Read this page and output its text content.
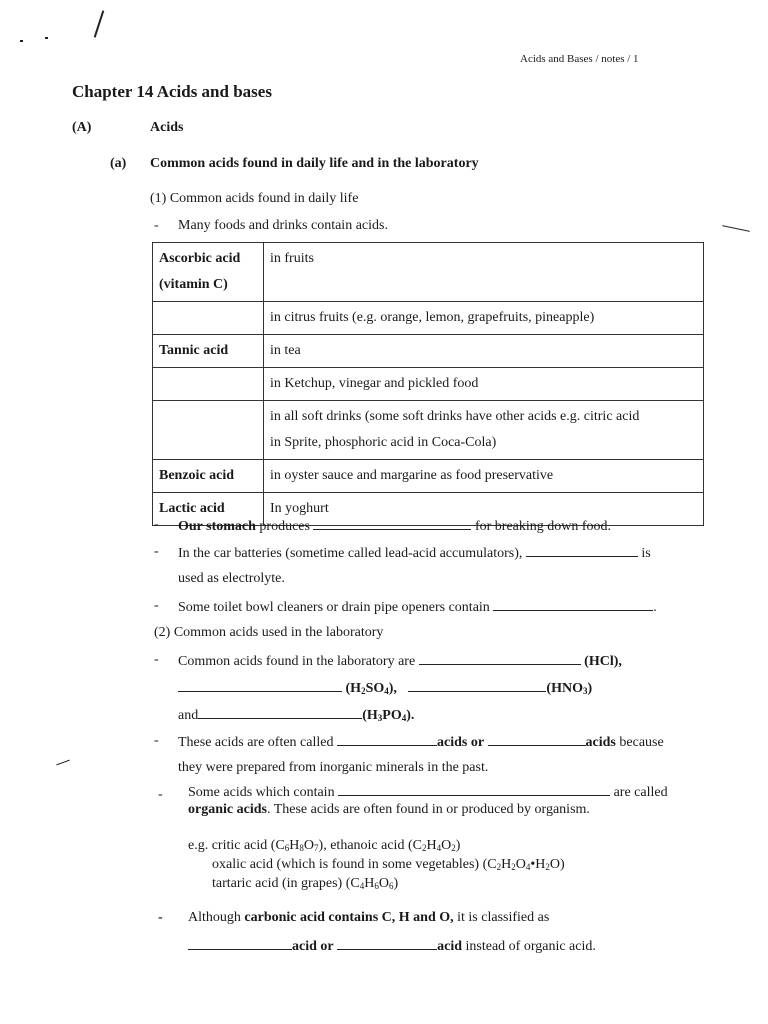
Acids and Bases / notes / 1
Chapter 14 Acids and bases
(A)	Acids
(a) Common acids found in daily life and in the laboratory
(1) Common acids found in daily life
- Many foods and drinks contain acids.
Ascorbic acid
(vitamin C)	in fruits
	in citrus fruits (e.g. orange, lemon, grapefruits, pineapple)
Tannic acid	in tea
	in Ketchup, vinegar and pickled food
	in all soft drinks (some soft drinks have other acids e.g. citric acid
in Sprite, phosphoric acid in Coca-Cola)
Benzoic acid	in oyster sauce and margarine as food preservative
Lactic acid	In yoghurt
- Our stomach produces	for breaking down food.
- In the car batteries (sometime called lead-acid accumulators),	is
used as electrolyte.
- Some toilet bowl cleaners or drain pipe openers contain	.
(2) Common acids used in the laboratory
- Common acids found in the laboratory are	(HCl),
$(H_2SO_4)$,	$(HNO_3)$
and	$(H_3PO_4)$.
- These acids are often called	acids or	acids because
they were prepared from inorganic minerals in the past.
- Some acids which contain	are called
organic acids. These acids are often found in or produced by organism.
e.g. critic acid $(C_6H_8O_7)$, ethanoic acid $(C_2H_4O_2)$
oxalic acid (which is found in some vegetables) $(C_2H_2O_4•H_2O)$
tartaric acid (in grapes) $(C_4H_6O_6)$
- Although carbonic acid contains C, H and O, it is classified as
acid or	acid instead of organic acid.
